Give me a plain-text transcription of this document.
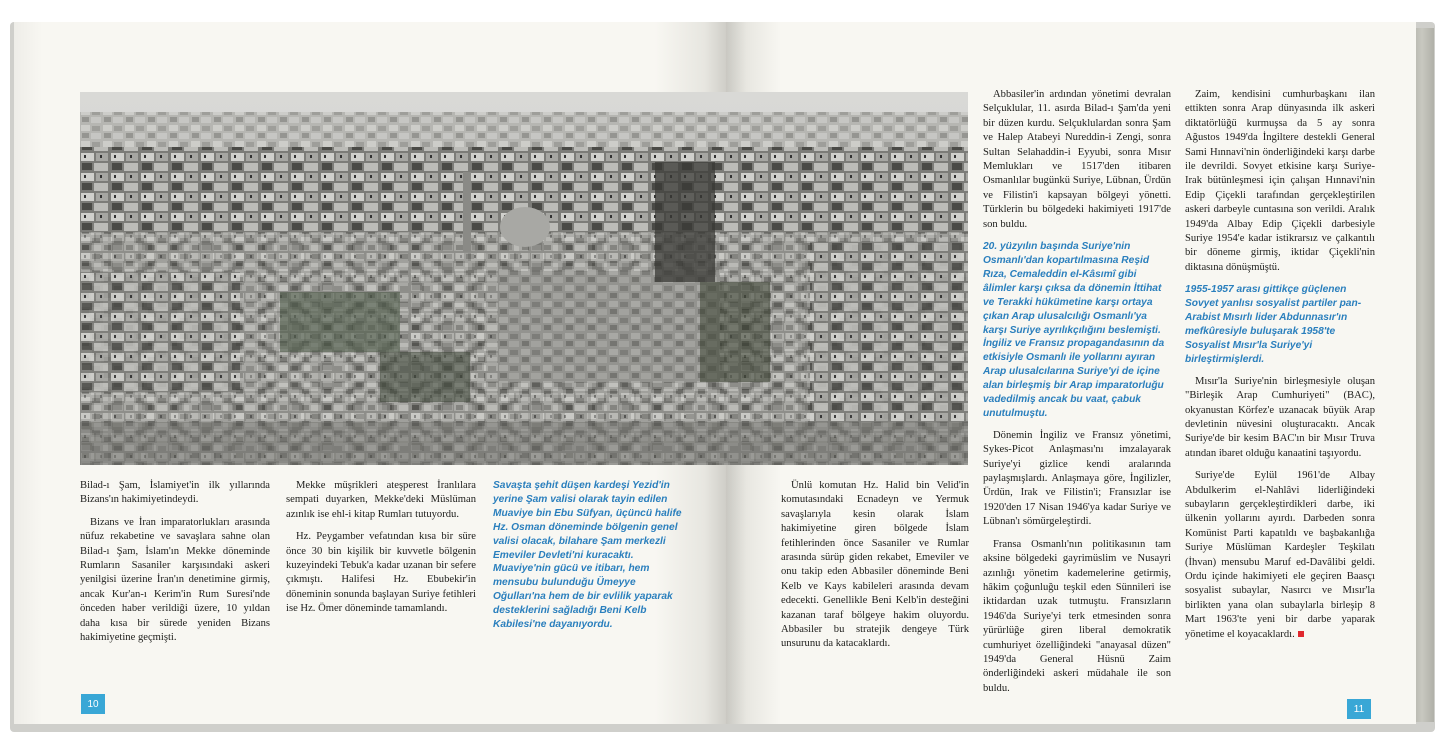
Bilad-ı Şam, İslamiyet'in ilk yıllarında Bizans'ın hakimiyetindeydi.

Bizans ve İran imparatorlukları arasında nüfuz rekabetine ve savaşlara sahne olan Bilad-ı Şam, İslam'ın Mekke döneminde Rumların Sasaniler karşısındaki askeri yenilgisi üzerine İran'ın denetimine girmiş, ancak Kur'an-ı Kerim'in Rum Suresi'nde önceden haber verildiği üzere, 10 yıldan daha kısa bir sürede yeniden Bizans hakimiyetine geçmişti.

Mekke müşrikleri ateşperest İranlılara sempati duyarken, Mekke'deki Müslüman azınlık ise ehl-i kitap Rumları tutuyordu.

Hz. Peygamber vefatından kısa bir süre önce 30 bin kişilik bir kuvvetle bölgenin kuzeyindeki Tebuk'a kadar uzanan bir sefere çıkmıştı. Halifesi Hz. Ebubekir'in döneminin sonunda başlayan Suriye fetihleri ise Hz. Ömer döneminde tamamlandı.

Savaşta şehit düşen kardeşi Yezid'in yerine Şam valisi olarak tayin edilen Muaviye bin Ebu Süfyan, üçüncü halife Hz. Osman döneminde bölgenin genel valisi olacak, bilahare Şam merkezli Emeviler Devleti'ni kuracaktı. Muaviye'nin gücü ve itibarı, hem mensubu bulunduğu Ümeyye Oğulları'na hem de bir evlilik yaparak desteklerini sağladığı Beni Kelb Kabilesi'ne dayanıyordu.

Ünlü komutan Hz. Halid bin Velid'in komutasındaki Ecnadeyn ve Yermuk savaşlarıyla kesin olarak İslam hakimiyetine giren bölgede İslam fetihlerinden önce Sasaniler ve Rumlar arasında sürüp giden rekabet, Emeviler ve onu takip eden Abbasiler döneminde Beni Kelb ve Kays kabileleri arasında devam edecekti. Genellikle Beni Kelb'in desteğini kazanan taraf bölgeye hakim oluyordu. Abbasiler bu stratejik dengeye Türk unsurunu da katacaklardı.

Abbasiler'in ardından yönetimi devralan Selçuklular, 11. asırda Bilad-ı Şam'da yeni bir düzen kurdu. Selçuklulardan sonra Şam ve Halep Atabeyi Nureddin-i Zengi, sonra Sultan Selahaddin-i Eyyubi, sonra Mısır Memlukları ve 1517'den itibaren Osmanlılar bugünkü Suriye, Lübnan, Ürdün ve Filistin'i kapsayan bölgeyi yönetti. Türklerin bu bölgedeki hakimiyeti 1917'de son buldu.

20. yüzyılın başında Suriye'nin Osmanlı'dan kopartılmasına Reşid Rıza, Cemaleddin el-Kâsımî gibi âlimler karşı çıksa da dönemin İttihat ve Terakki hükümetine karşı ortaya çıkan Arap ulusalcılığı Osmanlı'ya karşı Suriye ayrılıkçılığını beslemişti. İngiliz ve Fransız propagandasının da etkisiyle Osmanlı ile yollarını ayıran Arap ulusalcılarına Suriye'yi de içine alan birleşmiş bir Arap imparatorluğu vadedilmiş ancak bu vaat, çabuk unutulmuştu.

Dönemin İngiliz ve Fransız yönetimi, Sykes-Picot Anlaşması'nı imzalayarak Suriye'yi gizlice kendi aralarında paylaşmışlardı. Anlaşmaya göre, İngilizler, Ürdün, Irak ve Filistin'i; Fransızlar ise 1920'den 17 Nisan 1946'ya kadar Suriye ve Lübnan'ı sömürgeleştirdi.

Fransa Osmanlı'nın politikasının tam aksine bölgedeki gayrimüslim ve Nusayri azınlığı yönetim kademelerine getirmiş, hâkim çoğunluğu teşkil eden Sünnileri ise iktidardan uzak tutmuştu. Fransızların 1946'da Suriye'yi terk etmesinden sonra yürürlüğe giren liberal demokratik cumhuriyet özelliğindeki "anayasal düzen" 1949'da General Hüsnü Zaim önderliğindeki askeri müdahale ile son buldu.

Zaim, kendisini cumhurbaşkanı ilan ettikten sonra Arap dünyasında ilk askeri diktatörlüğü kurmuşsa da 5 ay sonra Ağustos 1949'da İngiltere destekli General Sami Hınnavi'nin önderliğindeki karşı darbe ile devrildi. Sovyet etkisine karşı Suriye-Irak bütünleşmesi için çalışan Hınnavi'nin Edip Çiçekli tarafından gerçekleştirilen askeri darbeyle cuntasına son verildi. Aralık 1949'da Albay Edip Çiçekli darbesiyle Suriye 1954'e kadar istikrarsız ve çalkantılı bir döneme girmiş, iktidar Çiçekli'nin diktasına dönüşmüştü.

1955-1957 arası gittikçe güçlenen Sovyet yanlısı sosyalist partiler pan-Arabist Mısırlı lider Abdunnasır'ın mefkûresiyle buluşarak 1958'te Sosyalist Mısır'la Suriye'yi birleştirmişlerdi.

Mısır'la Suriye'nin birleşmesiyle oluşan "Birleşik Arap Cumhuriyeti" (BAC), okyanustan Körfez'e uzanacak büyük Arap devletinin nüvesini oluşturacaktı. Ancak Suriye'de bir kesim BAC'ın bir Mısır Truva atından ibaret olduğu kanaatini taşıyordu.

Suriye'de Eylül 1961'de Albay Abdulkerim el-Nahlâvi liderliğindeki subayların gerçekleştirdikleri darbe, iki ülkenin yollarını ayırdı. Darbeden sonra Komünist Parti kapatıldı ve başbakanlığa Suriye Müslüman Kardeşler Teşkilatı (İhvan) mensubu Maruf ed-Davâlibi geldi. Ordu içinde hakimiyeti ele geçiren Baasçı sosyalist subaylar, Nasırcı ve Mısır'la birlikten yana olan subaylarla birleşip 8 Mart 1963'te yeni bir darbe yaparak yönetime el koyacaklardı.

10	11
